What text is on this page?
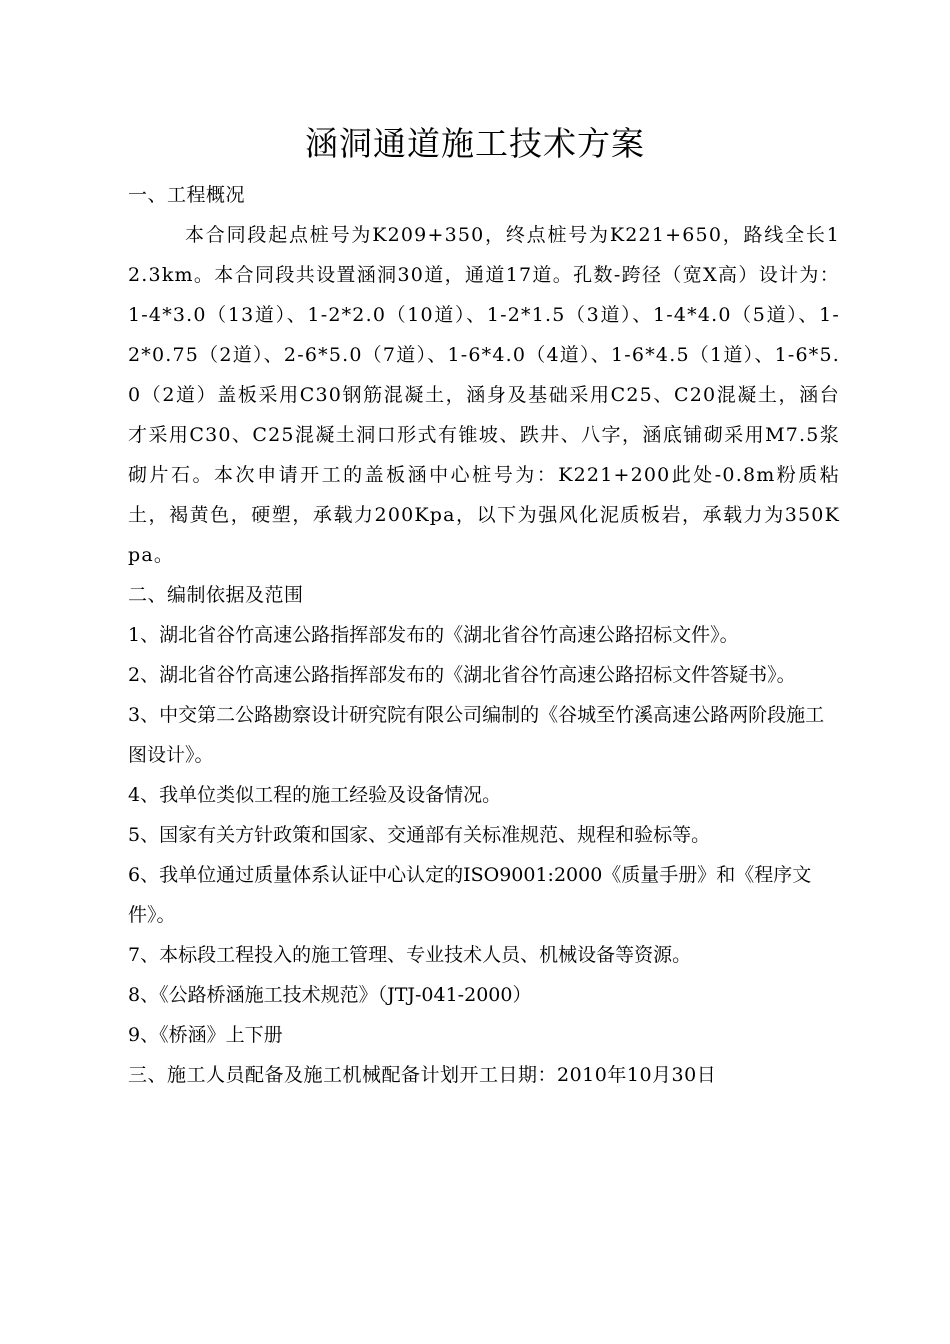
涵洞通道施工技术方案

一、工程概况

本合同段起点桩号为K209+350，终点桩号为K221+650，路线全长12.3km。本合同段共设置涵洞30道，通道17道。孔数-跨径（宽X高）设计为：1-4*3.0（13道）、1-2*2.0（10道）、1-2*1.5（3道）、1-4*4.0（5道）、1-2*0.75（2道）、2-6*5.0（7道）、1-6*4.0（4道）、1-6*4.5（1道）、1-6*5.0（2道）盖板采用C30钢筋混凝土，涵身及基础采用C25、C20混凝土，涵台才采用C30、C25混凝土洞口形式有锥坡、跌井、八字，涵底铺砌采用M7.5浆砌片石。本次申请开工的盖板涵中心桩号为：K221+200此处-0.8m粉质粘土，褐黄色，硬塑，承载力200Kpa，以下为强风化泥质板岩，承载力为350Kpa。

二、编制依据及范围

1、湖北省谷竹高速公路指挥部发布的《湖北省谷竹高速公路招标文件》。

2、湖北省谷竹高速公路指挥部发布的《湖北省谷竹高速公路招标文件答疑书》。

3、中交第二公路勘察设计研究院有限公司编制的《谷城至竹溪高速公路两阶段施工图设计》。

4、我单位类似工程的施工经验及设备情况。

5、国家有关方针政策和国家、交通部有关标准规范、规程和验标等。

6、我单位通过质量体系认证中心认定的ISO9001:2000《质量手册》和《程序文件》。

7、本标段工程投入的施工管理、专业技术人员、机械设备等资源。

8、《公路桥涵施工技术规范》（JTJ-041-2000）

9、《桥涵》上下册

三、施工人员配备及施工机械配备计划开工日期：2010年10月30日
